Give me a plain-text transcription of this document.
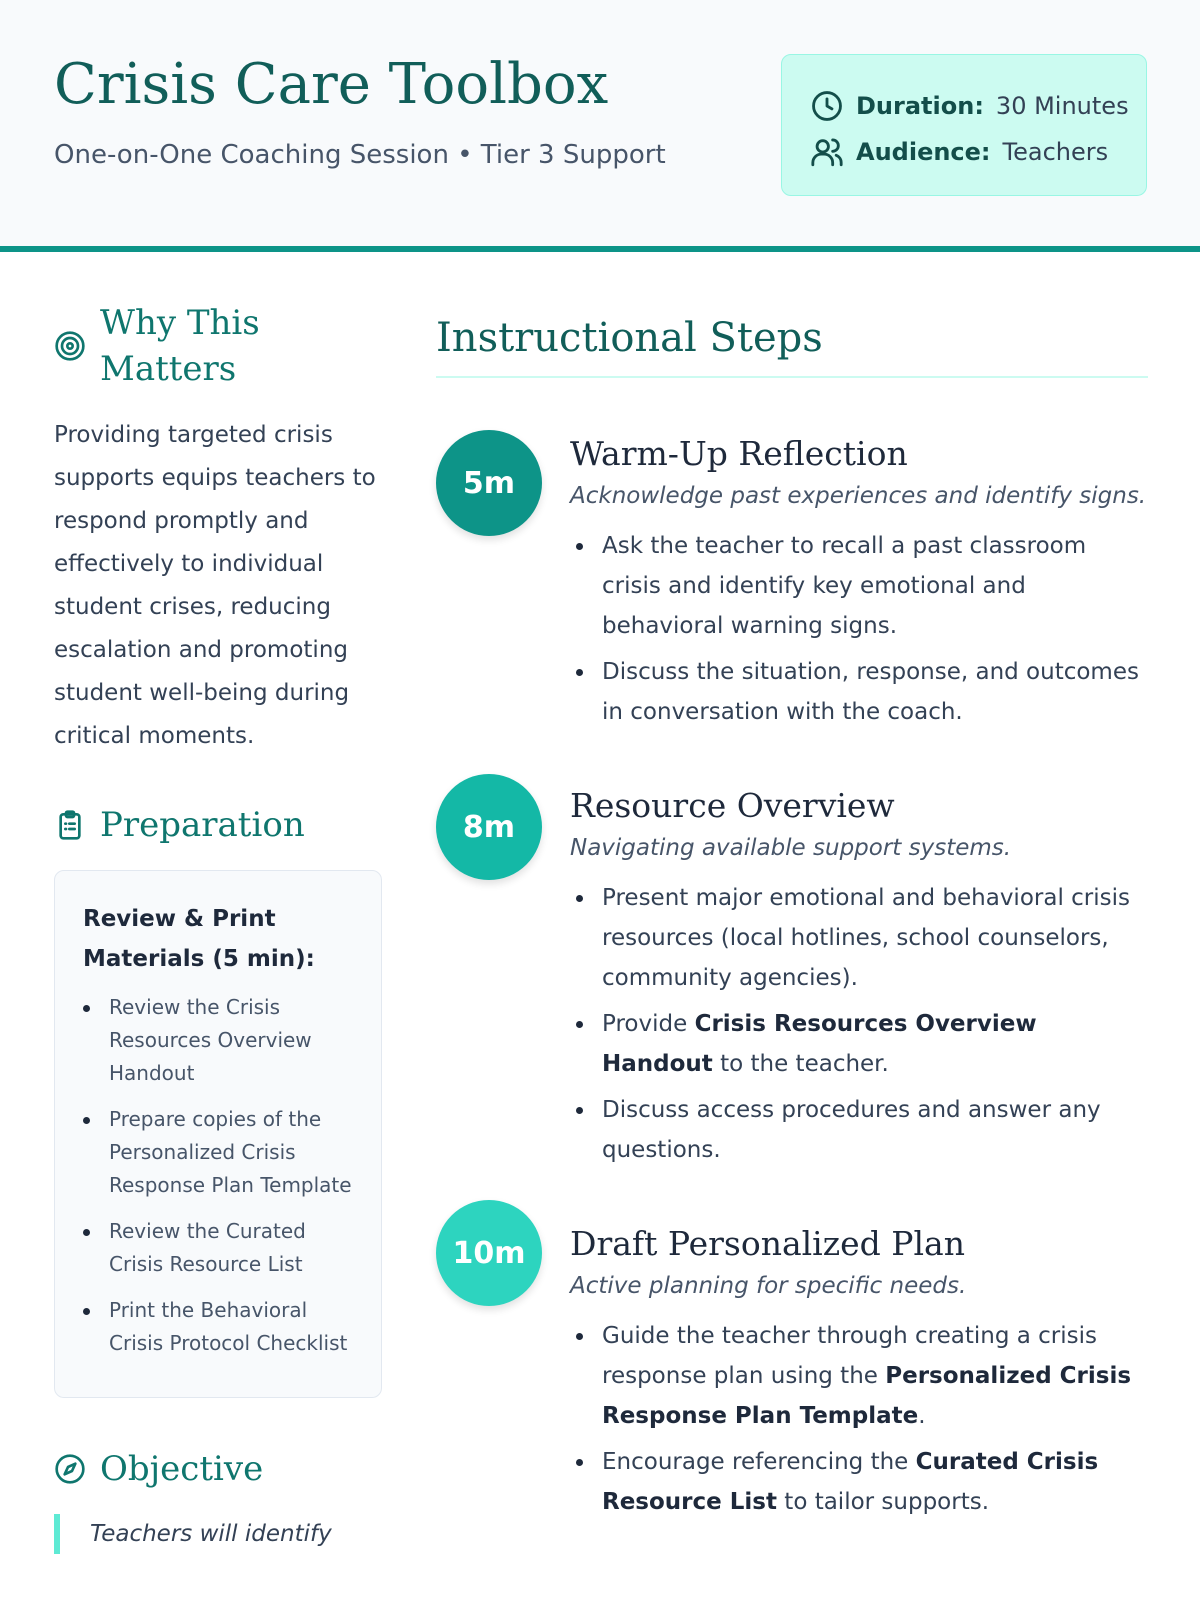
Crisis Care Toolbox
One-on-One Coaching Session • Tier 3 Support
Duration: 30 Minutes
Audience: Teachers
Why This Matters

Providing targeted crisis supports equips teachers to respond promptly and effectively to individual student crises, reducing escalation and promoting student well-being during critical moments.

Preparation
Review & Print Materials (5 min):
Review the Crisis Resources Overview Handout
Prepare copies of the Personalized Crisis Response Plan Template
Review the Curated Crisis Resource List
Print the Behavioral Crisis Protocol Checklist
Objective
Teachers will identify
Instructional Steps
5m
Warm-Up Reflection
Acknowledge past experiences and identify signs.
Ask the teacher to recall a past classroom crisis and identify key emotional and behavioral warning signs.
Discuss the situation, response, and outcomes in conversation with the coach.
8m
Resource Overview
Navigating available support systems.
Present major emotional and behavioral crisis resources (local hotlines, school counselors, community agencies).
Provide Crisis Resources Overview Handout to the teacher.
Discuss access procedures and answer any questions.
10m	Draft Personalized Plan
Active planning for specific needs.
Guide the teacher through creating a crisis response plan using the Personalized Crisis Response Plan Template.
Encourage referencing the Curated Crisis Resource List to tailor supports.
